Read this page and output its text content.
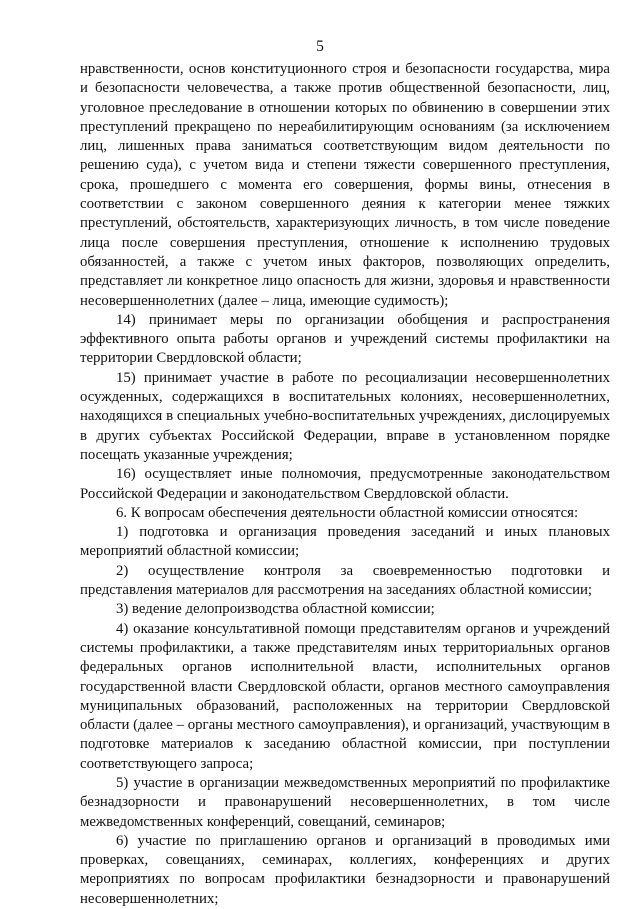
5

нравственности, основ конституционного строя и безопасности государства, мира и безопасности человечества, а также против общественной безопасности, лиц, уголовное преследование в отношении которых по обвинению в совершении этих преступлений прекращено по нереабилитирующим основаниям (за исключением лиц, лишенных права заниматься соответствующим видом деятельности по решению суда), с учетом вида и степени тяжести совершенного преступления, срока, прошедшего с момента его совершения, формы вины, отнесения в соответствии с законом совершенного деяния к категории менее тяжких преступлений, обстоятельств, характеризующих личность, в том числе поведение лица после совершения преступления, отношение к исполнению трудовых обязанностей, а также с учетом иных факторов, позволяющих определить, представляет ли конкретное лицо опасность для жизни, здоровья и нравственности несовершеннолетних (далее – лица, имеющие судимость);

14) принимает меры по организации обобщения и распространения эффективного опыта работы органов и учреждений системы профилактики на территории Свердловской области;

15) принимает участие в работе по ресоциализации несовершеннолетних осужденных, содержащихся в воспитательных колониях, несовершеннолетних, находящихся в специальных учебно-воспитательных учреждениях, дислоцируемых в других субъектах Российской Федерации, вправе в установленном порядке посещать указанные учреждения;

16) осуществляет иные полномочия, предусмотренные законодательством Российской Федерации и законодательством Свердловской области.

6. К вопросам обеспечения деятельности областной комиссии относятся:

1) подготовка и организация проведения заседаний и иных плановых мероприятий областной комиссии;

2) осуществление контроля за своевременностью подготовки и представления материалов для рассмотрения на заседаниях областной комиссии;

3) ведение делопроизводства областной комиссии;

4) оказание консультативной помощи представителям органов и учреждений системы профилактики, а также представителям иных территориальных органов федеральных органов исполнительной власти, исполнительных органов государственной власти Свердловской области, органов местного самоуправления муниципальных образований, расположенных на территории Свердловской области (далее – органы местного самоуправления), и организаций, участвующим в подготовке материалов к заседанию областной комиссии, при поступлении соответствующего запроса;

5) участие в организации межведомственных мероприятий по профилактике безнадзорности и правонарушений несовершеннолетних, в том числе межведомственных конференций, совещаний, семинаров;

6) участие по приглашению органов и организаций в проводимых ими проверках, совещаниях, семинарах, коллегиях, конференциях и других мероприятиях по вопросам профилактики безнадзорности и правонарушений несовершеннолетних;
